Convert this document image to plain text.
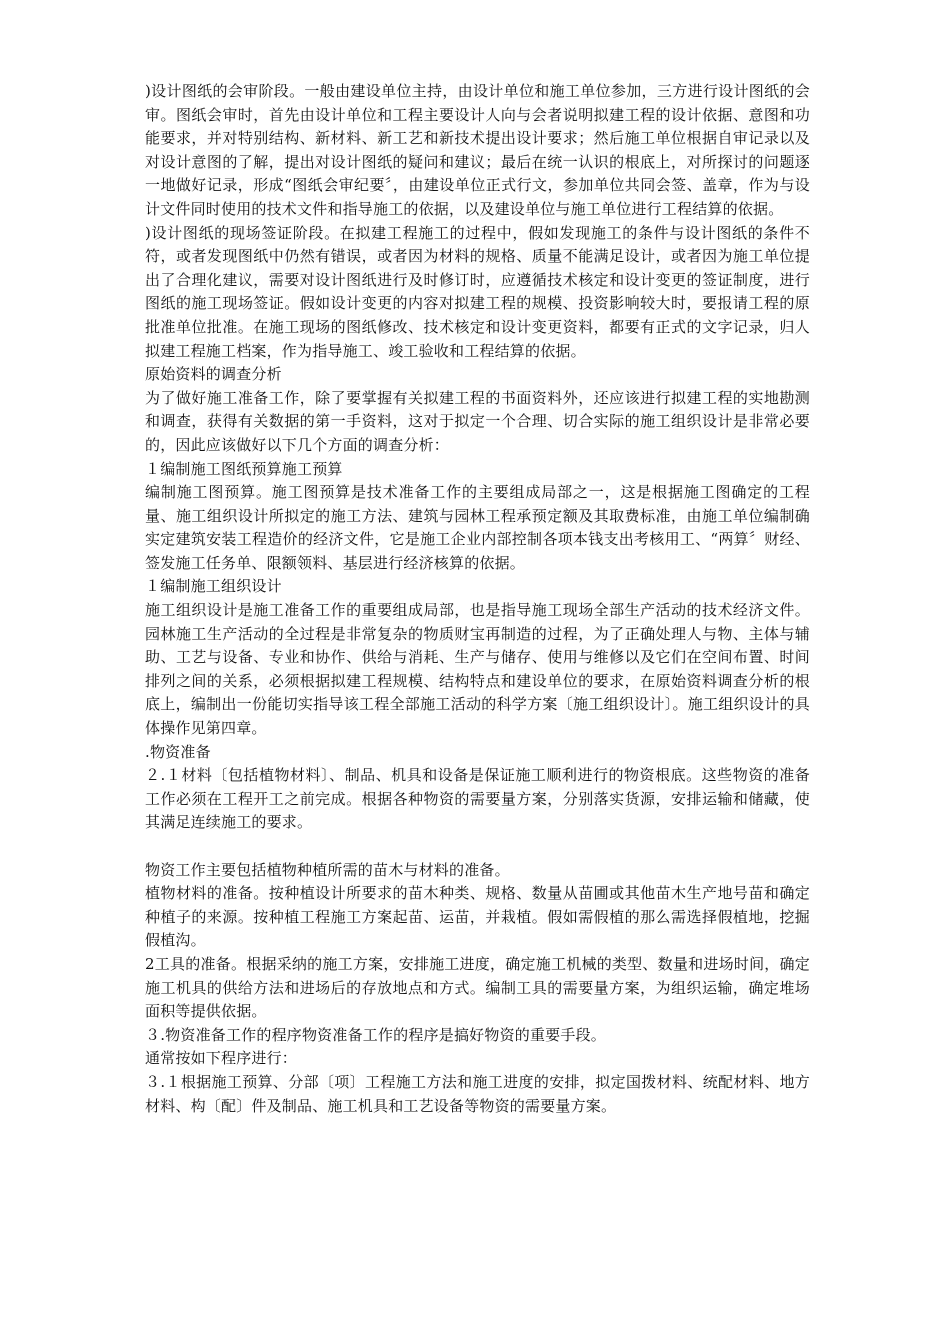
)设计图纸的会审阶段。一般由建设单位主持，由设计单位和施工单位参加，三方进行设计图纸的会审。图纸会审时，首先由设计单位和工程主要设计人向与会者说明拟建工程的设计依据、意图和功能要求，并对特别结构、新材料、新工艺和新技术提出设计要求；然后施工单位根据自审记录以及对设计意图的了解，提出对设计图纸的疑问和建议；最后在统一认识的根底上，对所探讨的问题逐一地做好记录，形成“图纸会审纪要〞，由建设单位正式行文，参加单位共同会签、盖章，作为与设计文件同时使用的技术文件和指导施工的依据，以及建设单位与施工单位进行工程结算的依据。

)设计图纸的现场签证阶段。在拟建工程施工的过程中，假如发现施工的条件与设计图纸的条件不符，或者发现图纸中仍然有错误，或者因为材料的规格、质量不能满足设计，或者因为施工单位提出了合理化建议，需要对设计图纸进行及时修订时，应遵循技术核定和设计变更的签证制度，进行图纸的施工现场签证。假如设计变更的内容对拟建工程的规模、投资影响较大时，要报请工程的原批准单位批准。在施工现场的图纸修改、技术核定和设计变更资料，都要有正式的文字记录，归人拟建工程施工档案，作为指导施工、竣工验收和工程结算的依据。

原始资料的调查分析

为了做好施工准备工作，除了要掌握有关拟建工程的书面资料外，还应该进行拟建工程的实地勘测和调查，获得有关数据的第一手资料，这对于拟定一个合理、切合实际的施工组织设计是非常必要的，因此应该做好以下几个方面的调查分析：

１编制施工图纸预算施工预算

编制施工图预算。施工图预算是技术准备工作的主要组成局部之一，这是根据施工图确定的工程量、施工组织设计所拟定的施工方法、建筑与园林工程承预定额及其取费标准，由施工单位编制确实定建筑安装工程造价的经济文件，它是施工企业内部控制各项本钱支出考核用工、“两算〞财经、签发施工任务单、限额领料、基层进行经济核算的依据。

１编制施工组织设计

施工组织设计是施工准备工作的重要组成局部，也是指导施工现场全部生产活动的技术经济文件。园林施工生产活动的全过程是非常复杂的物质财宝再制造的过程，为了正确处理人与物、主体与辅助、工艺与设备、专业和协作、供给与消耗、生产与储存、使用与维修以及它们在空间布置、时间排列之间的关系，必须根据拟建工程规模、结构特点和建设单位的要求，在原始资料调查分析的根底上，编制出一份能切实指导该工程全部施工活动的科学方案〔施工组织设计〕。施工组织设计的具体操作见第四章。

.物资准备

２.１材料〔包括植物材料〕、制品、机具和设备是保证施工顺利进行的物资根底。这些物资的准备工作必须在工程开工之前完成。根据各种物资的需要量方案，分别落实货源，安排运输和储藏，使其满足连续施工的要求。

物资工作主要包括植物种植所需的苗木与材料的准备。

植物材料的准备。按种植设计所要求的苗木种类、规格、数量从苗圃或其他苗木生产地号苗和确定种植子的来源。按种植工程施工方案起苗、运苗，并栽植。假如需假植的那么需选择假植地，挖掘假植沟。

2工具的准备。根据采纳的施工方案，安排施工进度，确定施工机械的类型、数量和进场时间，确定施工机具的供给方法和进场后的存放地点和方式。编制工具的需要量方案，为组织运输，确定堆场面积等提供依据。

３.物资准备工作的程序物资准备工作的程序是搞好物资的重要手段。

通常按如下程序进行：

３.１根据施工预算、分部〔项〕工程施工方法和施工进度的安排，拟定国拨材料、统配材料、地方材料、构〔配〕件及制品、施工机具和工艺设备等物资的需要量方案。
